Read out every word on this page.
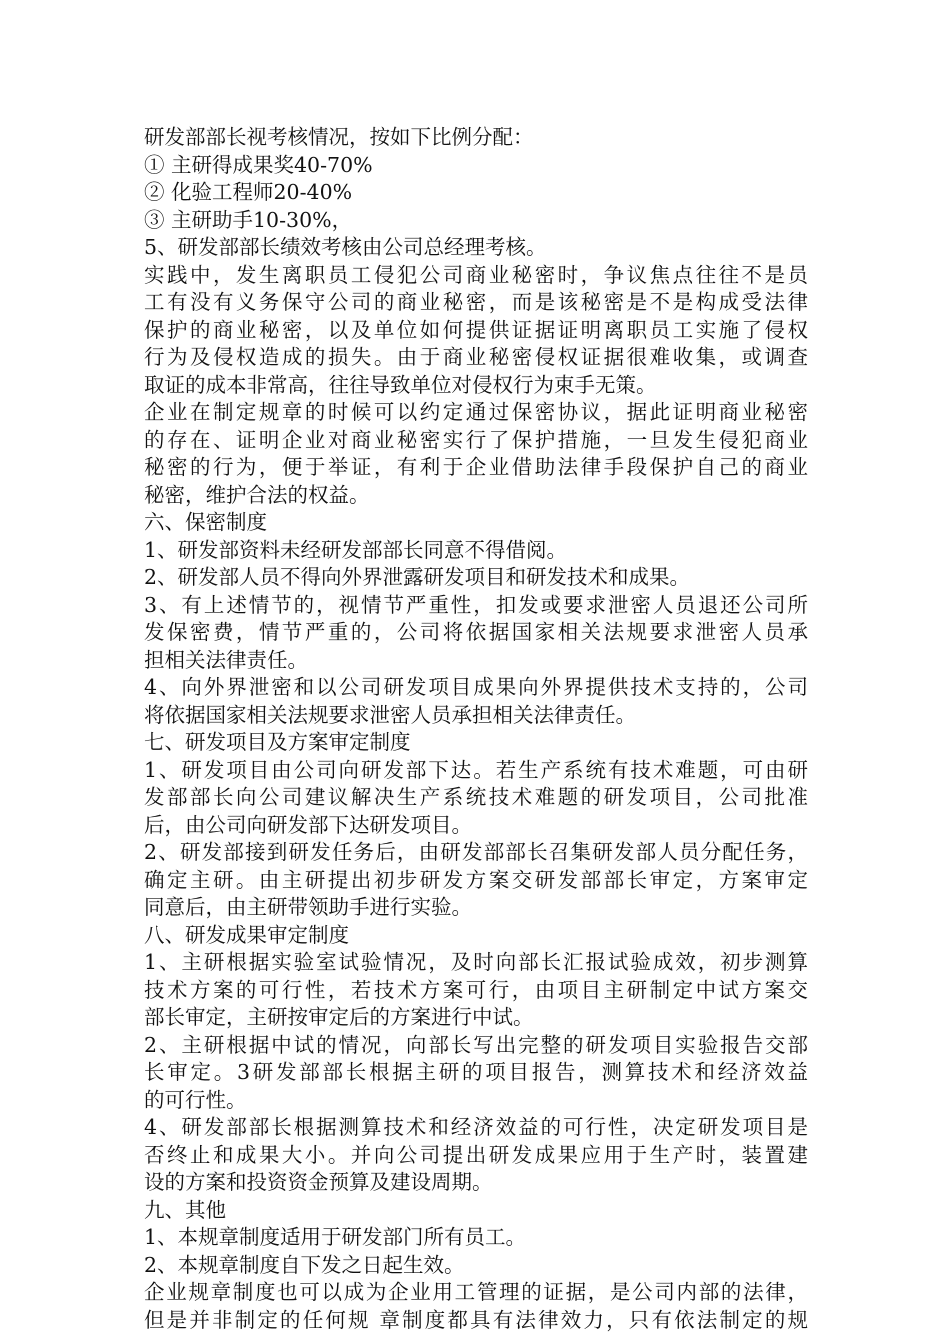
研发部部长视考核情况，按如下比例分配：
① 主研得成果奖40-70%
② 化验工程师20-40%
③ 主研助手10-30%，
5、研发部部长绩效考核由公司总经理考核。
实践中，发生离职员工侵犯公司商业秘密时，争议焦点往往不是员
工有没有义务保守公司的商业秘密，而是该秘密是不是构成受法律
保护的商业秘密，以及单位如何提供证据证明离职员工实施了侵权
行为及侵权造成的损失。由于商业秘密侵权证据很难收集，或调查
取证的成本非常高，往往导致单位对侵权行为束手无策。
企业在制定规章的时候可以约定通过保密协议，据此证明商业秘密
的存在、证明企业对商业秘密实行了保护措施，一旦发生侵犯商业
秘密的行为，便于举证，有利于企业借助法律手段保护自己的商业
秘密，维护合法的权益。
六、保密制度
1、研发部资料未经研发部部长同意不得借阅。
2、研发部人员不得向外界泄露研发项目和研发技术和成果。
3、有上述情节的，视情节严重性，扣发或要求泄密人员退还公司所
发保密费，情节严重的，公司将依据国家相关法规要求泄密人员承
担相关法律责任。
4、向外界泄密和以公司研发项目成果向外界提供技术支持的，公司
将依据国家相关法规要求泄密人员承担相关法律责任。
七、研发项目及方案审定制度
1、研发项目由公司向研发部下达。若生产系统有技术难题，可由研
发部部长向公司建议解决生产系统技术难题的研发项目，公司批准
后，由公司向研发部下达研发项目。
2、研发部接到研发任务后，由研发部部长召集研发部人员分配任务，
确定主研。由主研提出初步研发方案交研发部部长审定，方案审定
同意后，由主研带领助手进行实验。
八、研发成果审定制度
1、主研根据实验室试验情况，及时向部长汇报试验成效，初步测算
技术方案的可行性，若技术方案可行，由项目主研制定中试方案交
部长审定，主研按审定后的方案进行中试。
2、主研根据中试的情况，向部长写出完整的研发项目实验报告交部
长审定。3研发部部长根据主研的项目报告，测算技术和经济效益
的可行性。
4、研发部部长根据测算技术和经济效益的可行性，决定研发项目是
否终止和成果大小。并向公司提出研发成果应用于生产时，装置建
设的方案和投资资金预算及建设周期。
九、其他
1、本规章制度适用于研发部门所有员工。
2、本规章制度自下发之日起生效。
企业规章制度也可以成为企业用工管理的证据，是公司内部的法律，
但是并非制定的任何规 章制度都具有法律效力，只有依法制定的规
